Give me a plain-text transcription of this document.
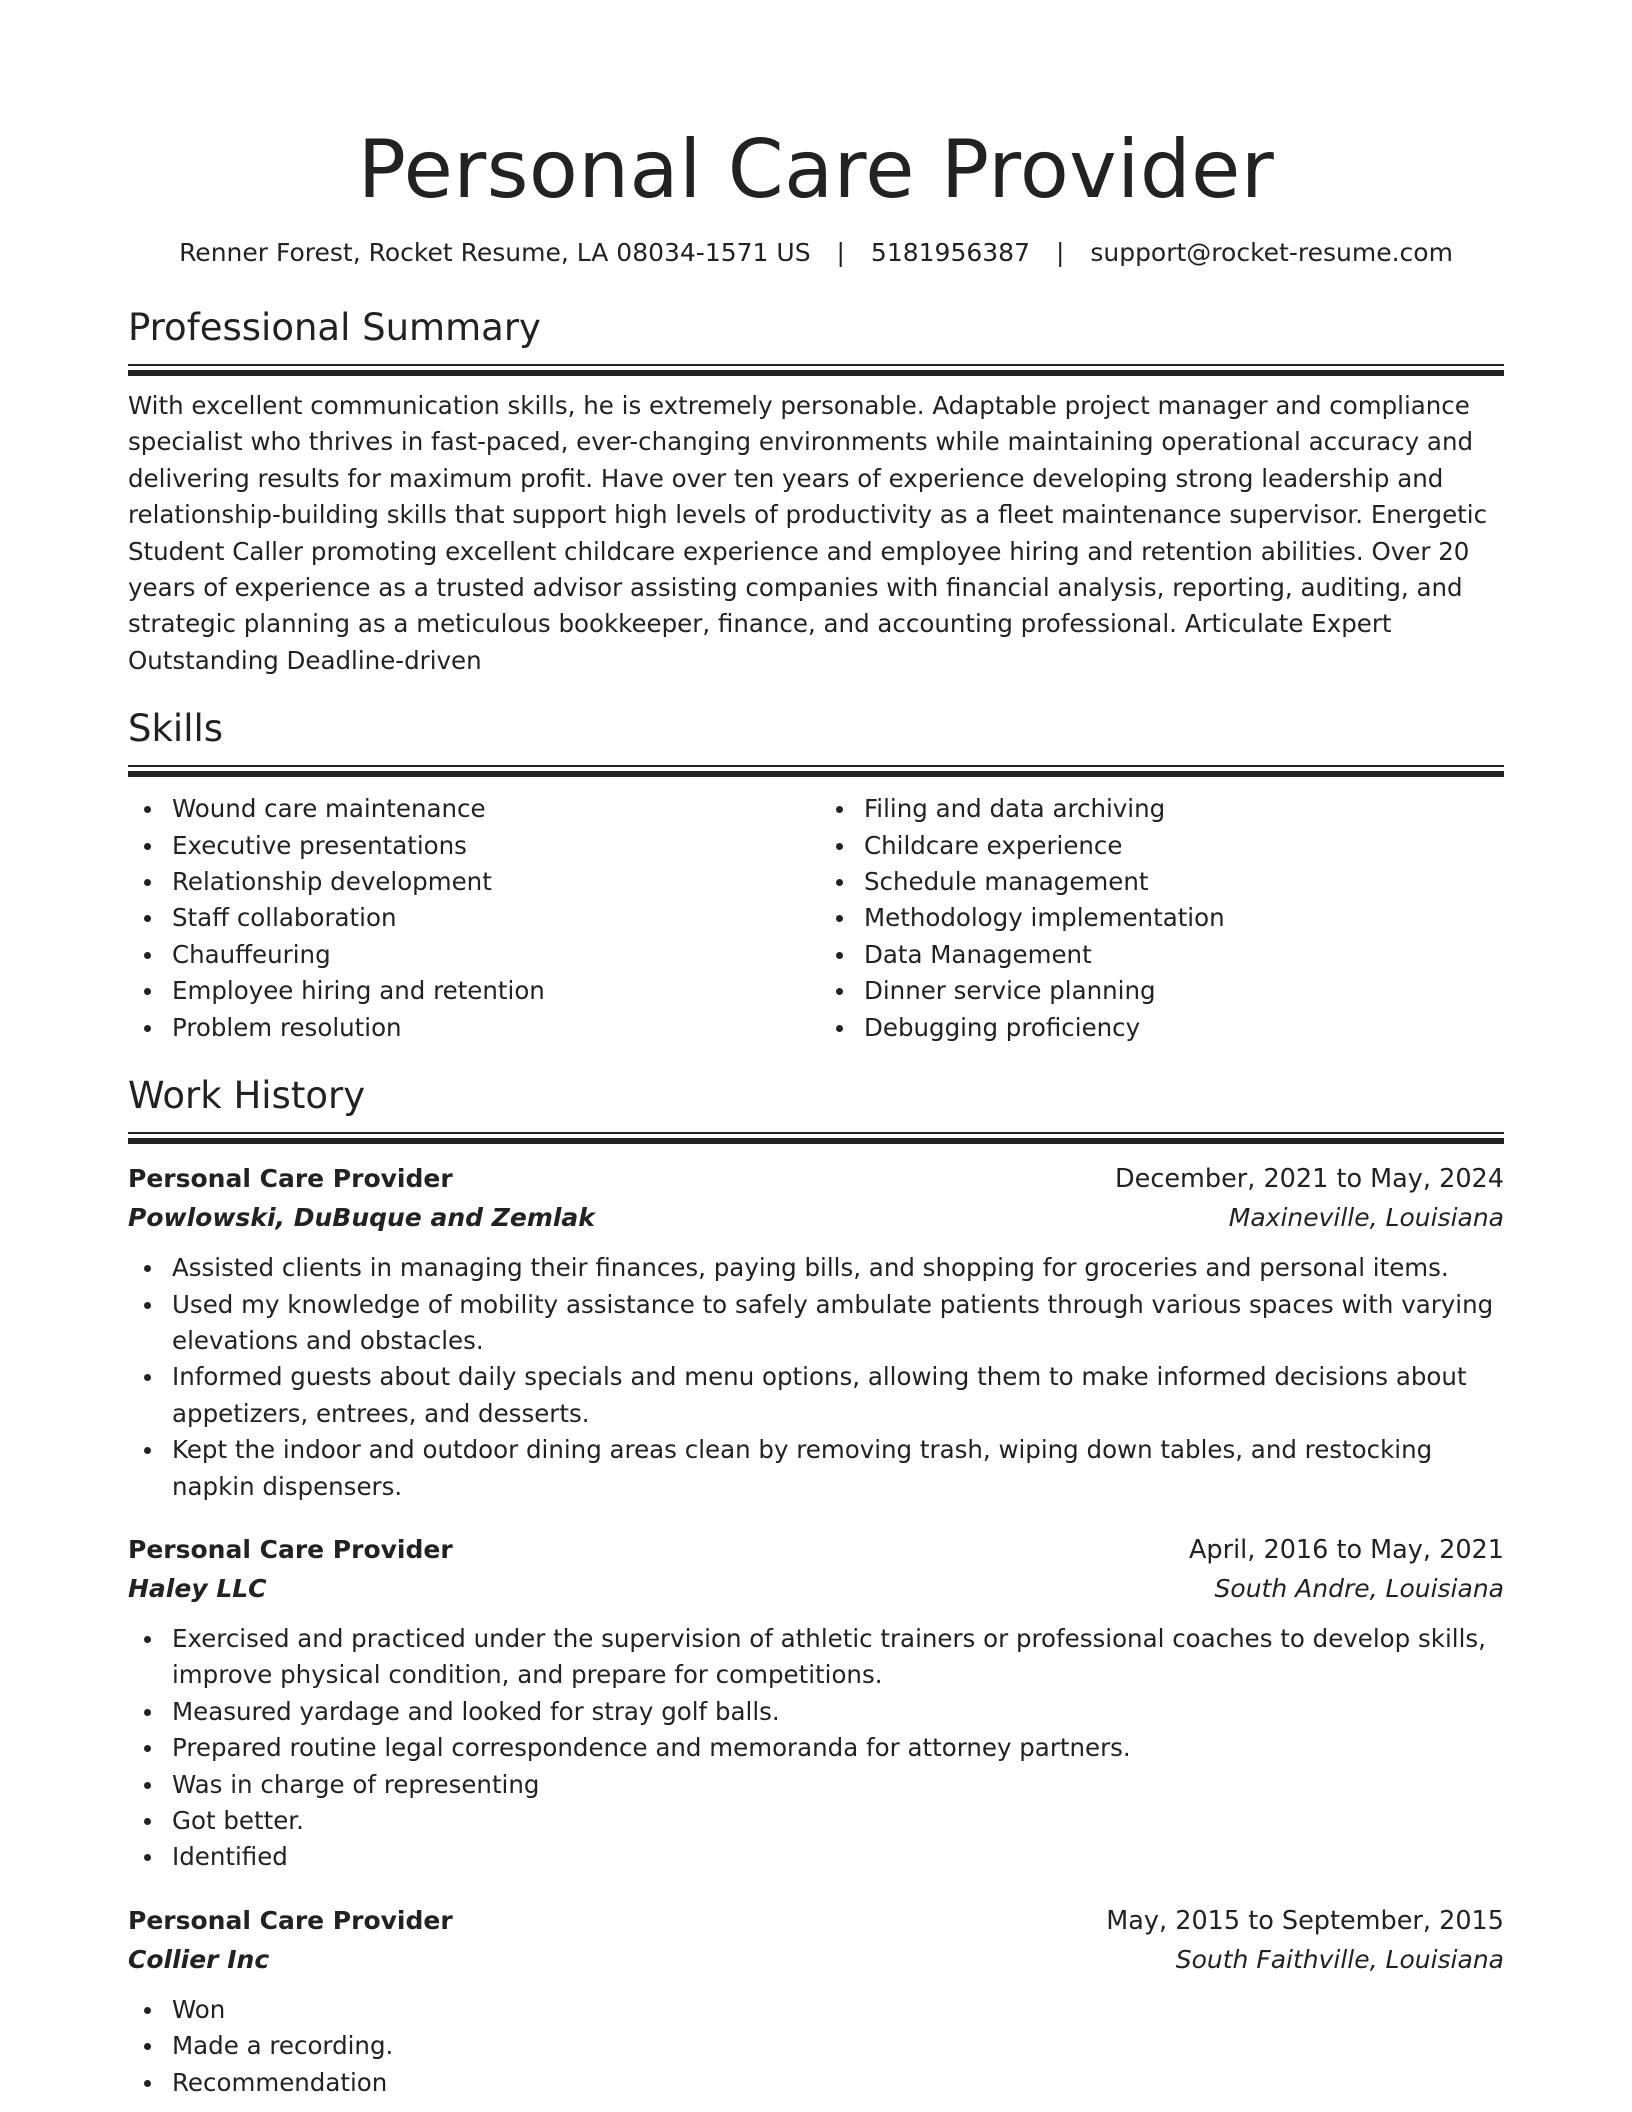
Personal Care Provider
Renner Forest, Rocket Resume, LA 08034-1571 US | 5181956387 | support@rocket-resume.com
Professional Summary

With excellent communication skills, he is extremely personable. Adaptable project manager and compliance specialist who thrives in fast-paced, ever-changing environments while maintaining operational accuracy and delivering results for maximum profit. Have over ten years of experience developing strong leadership and relationship-building skills that support high levels of productivity as a fleet maintenance supervisor. Energetic Student Caller promoting excellent childcare experience and employee hiring and retention abilities. Over 20 years of experience as a trusted advisor assisting companies with financial analysis, reporting, auditing, and strategic planning as a meticulous bookkeeper, finance, and accounting professional. Articulate Expert Outstanding Deadline-driven

Skills
Wound care maintenance
Executive presentations
Relationship development
Staff collaboration
Chauffeuring
Employee hiring and retention
Problem resolution
Filing and data archiving
Childcare experience
Schedule management
Methodology implementation
Data Management
Dinner service planning
Debugging proficiency
Work History
Personal Care Provider	December, 2021 to May, 2024
Powlowski, DuBuque and Zemlak	Maxineville, Louisiana
Assisted clients in managing their finances, paying bills, and shopping for groceries and personal items.
Used my knowledge of mobility assistance to safely ambulate patients through various spaces with varying elevations and obstacles.
Informed guests about daily specials and menu options, allowing them to make informed decisions about appetizers, entrees, and desserts.
Kept the indoor and outdoor dining areas clean by removing trash, wiping down tables, and restocking napkin dispensers.
Personal Care Provider	April, 2016 to May, 2021
Haley LLC	South Andre, Louisiana
Exercised and practiced under the supervision of athletic trainers or professional coaches to develop skills, improve physical condition, and prepare for competitions.
Measured yardage and looked for stray golf balls.
Prepared routine legal correspondence and memoranda for attorney partners.
Was in charge of representing
Got better.
Identified
Personal Care Provider	May, 2015 to September, 2015
Collier Inc	South Faithville, Louisiana
Won
Made a recording.
Recommendation
